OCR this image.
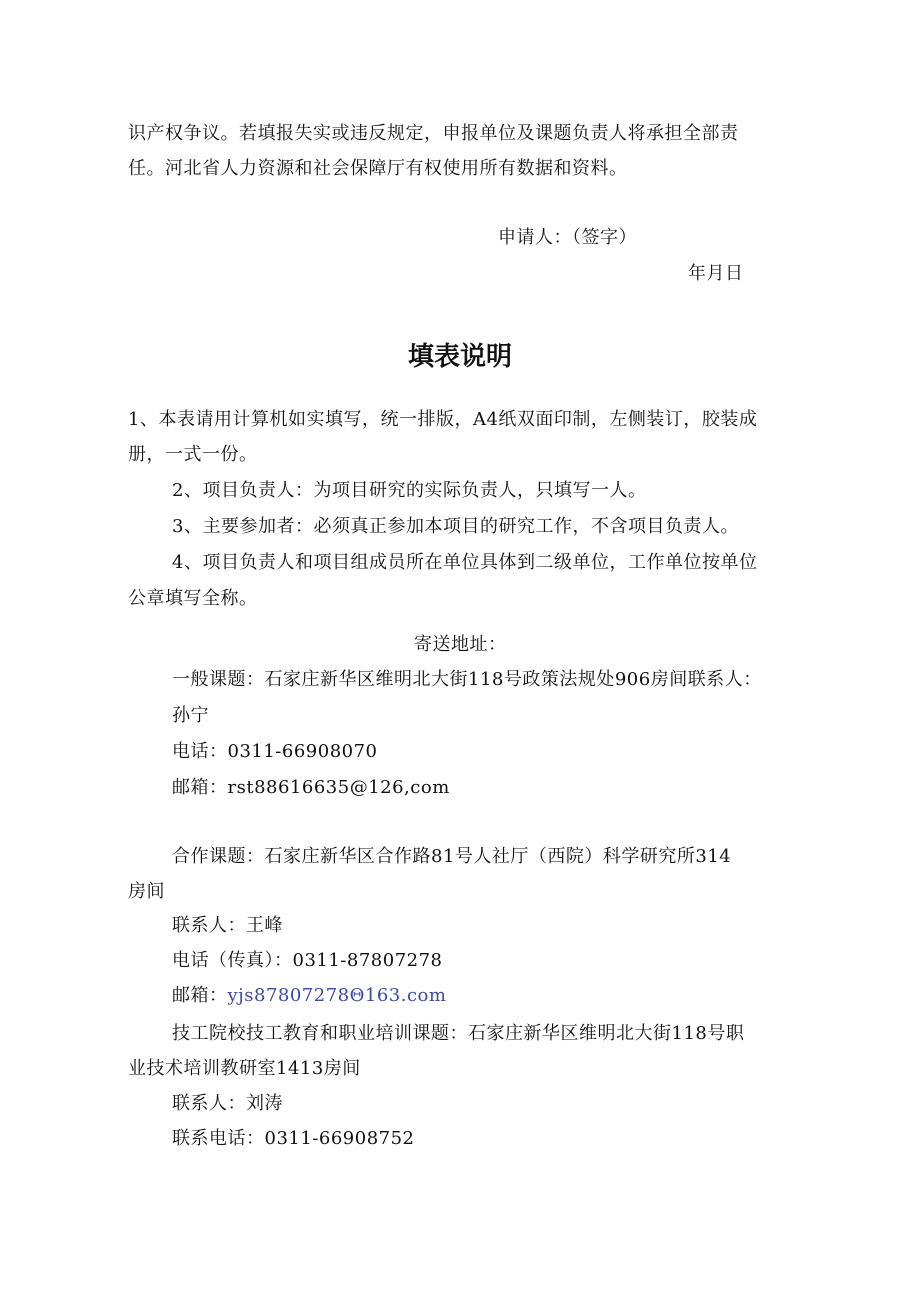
识产权争议。若填报失实或违反规定，申报单位及课题负责人将承担全部责
任。河北省人力资源和社会保障厅有权使用所有数据和资料。
申请人：（签字）
年月日
填表说明
1、本表请用计算机如实填写，统一排版，A4纸双面印制，左侧装订，胶装成
册，一式一份。
2、项目负责人：为项目研究的实际负责人，只填写一人。
3、主要参加者：必须真正参加本项目的研究工作，不含项目负责人。
4、项目负责人和项目组成员所在单位具体到二级单位，工作单位按单位
公章填写全称。
寄送地址：
一般课题：石家庄新华区维明北大街118号政策法规处906房间联系人：
孙宁
电话：0311-66908070
邮箱：rst88616635@126,com
合作课题：石家庄新华区合作路81号人社厅（西院）科学研究所314
房间
联系人：王峰
电话（传真）：0311-87807278
邮箱：yjs87807278Θ163.com
技工院校技工教育和职业培训课题：石家庄新华区维明北大街118号职
业技术培训教研室1413房间
联系人：刘涛
联系电话：0311-66908752
